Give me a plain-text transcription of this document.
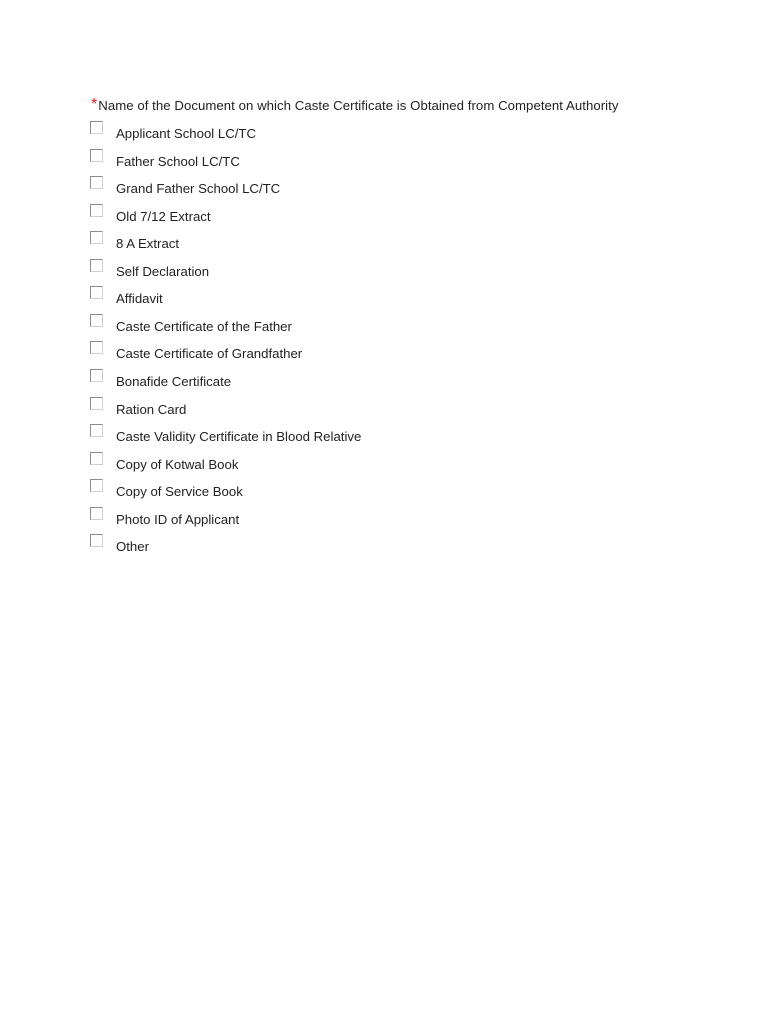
*Name of the Document on which Caste Certificate is Obtained from Competent Authority
Applicant School LC/TC
Father School LC/TC
Grand Father School LC/TC
Old 7/12 Extract
8 A Extract
Self Declaration
Affidavit
Caste Certificate of the Father
Caste Certificate of Grandfather
Bonafide Certificate
Ration Card
Caste Validity Certificate in Blood Relative
Copy of Kotwal Book
Copy of Service Book
Photo ID of Applicant
Other
